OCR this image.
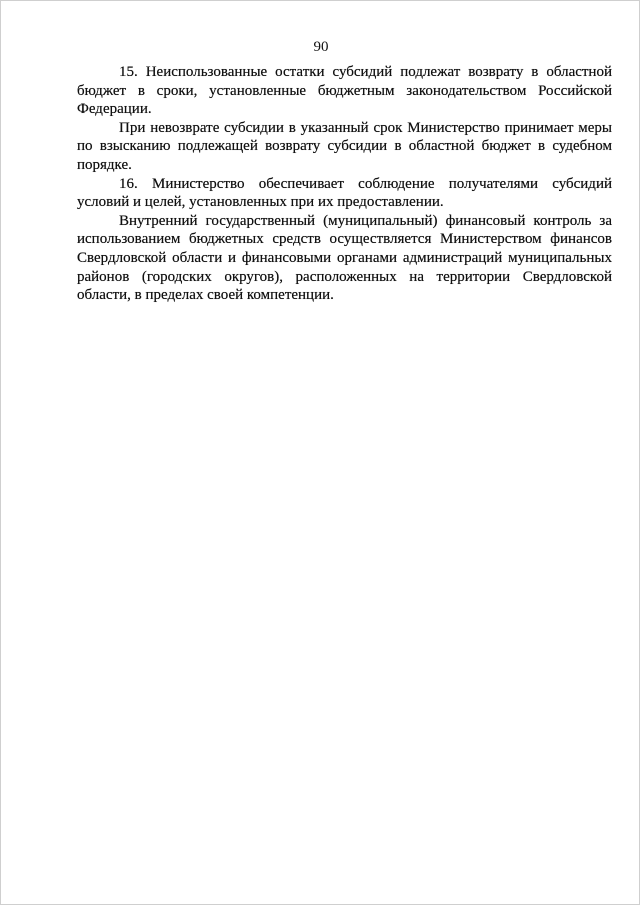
90

15. Неиспользованные остатки субсидий подлежат возврату в областной бюджет в сроки, установленные бюджетным законодательством Российской Федерации.

При невозврате субсидии в указанный срок Министерство принимает меры по взысканию подлежащей возврату субсидии в областной бюджет в судебном порядке.

16. Министерство обеспечивает соблюдение получателями субсидий условий и целей, установленных при их предоставлении.

Внутренний государственный (муниципальный) финансовый контроль за использованием бюджетных средств осуществляется Министерством финансов Свердловской области и финансовыми органами администраций муниципальных районов (городских округов), расположенных на территории Свердловской области, в пределах своей компетенции.
